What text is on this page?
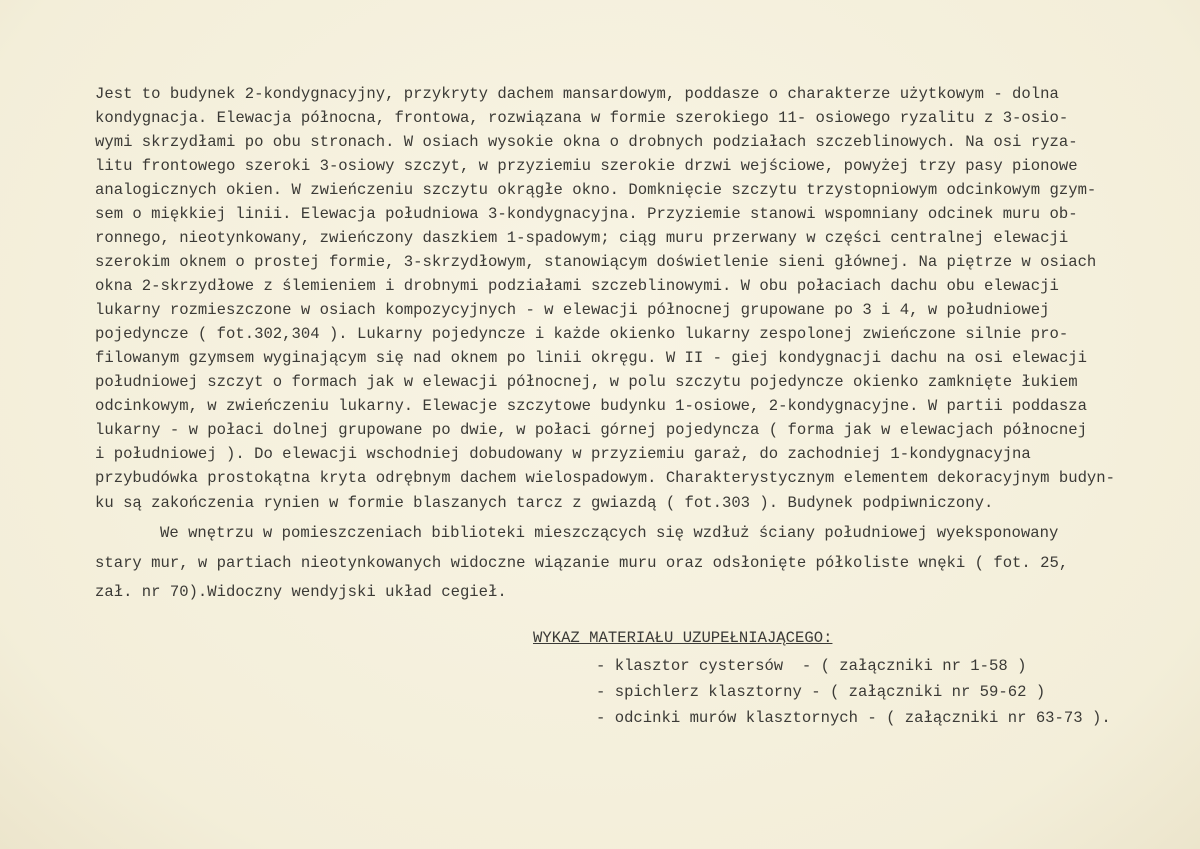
Jest to budynek 2-kondygnacyjny, przykryty dachem mansardowym, poddasze o charakterze użytkowym - dolna
kondygnacja. Elewacja północna, frontowa, rozwiązana w formie szerokiego 11- osiowego ryzalitu z 3-osio-
wymi skrzydłami po obu stronach. W osiach wysokie okna o drobnych podziałach szczeblinowych. Na osi ryza-
litu frontowego szeroki 3-osiowy szczyt, w przyziemiu szerokie drzwi wejściowe, powyżej trzy pasy pionowe
analogicznych okien. W zwieńczeniu szczytu okrągłe okno. Domknięcie szczytu trzystopniowym odcinkowym gzym-
sem o miękkiej linii. Elewacja południowa 3-kondygnacyjna. Przyziemie stanowi wspomniany odcinek muru ob-
ronnego, nieotynkowany, zwieńczony daszkiem 1-spadowym; ciąg muru przerwany w części centralnej elewacji
szerokim oknem o prostej formie, 3-skrzydłowym, stanowiącym doświetlenie sieni głównej. Na piętrze w osiach
okna 2-skrzydłowe z ślemieniem i drobnymi podziałami szczeblinowymi. W obu połaciach dachu obu elewacji
lukarny rozmieszczone w osiach kompozycyjnych - w elewacji północnej grupowane po 3 i 4, w południowej
pojedyncze ( fot.302,304 ). Lukarny pojedyncze i każde okienko lukarny zespolonej zwieńczone silnie pro-
filowanym gzymsem wyginającym się nad oknem po linii okręgu. W II - giej kondygnacji dachu na osi elewacji
południowej szczyt o formach jak w elewacji północnej, w polu szczytu pojedyncze okienko zamknięte łukiem
odcinkowym, w zwieńczeniu lukarny. Elewacje szczytowe budynku 1-osiowe, 2-kondygnacyjne. W partii poddasza
lukarny - w połaci dolnej grupowane po dwie, w połaci górnej pojedyncza ( forma jak w elewacjach północnej
i południowej ). Do elewacji wschodniej dobudowany w przyziemiu garaż, do zachodniej 1-kondygnacyjna
przybudówka prostokątna kryta odrębnym dachem wielospadowym. Charakterystycznym elementem dekoracyjnym budyn-
ku są zakończenia rynien w formie blaszanych tarcz z gwiazdą ( fot.303 ). Budynek podpiwniczony.
We wnętrzu w pomieszczeniach biblioteki mieszczących się wzdłuż ściany południowej wyeksponowany
stary mur, w partiach nieotynkowanych widoczne wiązanie muru oraz odsłonięte półkoliste wnęki ( fot. 25,
zał. nr 70).Widoczny wendyjski układ cegieł.
WYKAZ MATERIAŁU UZUPEŁNIAJĄCEGO:
- klasztor cystersów  - ( załączniki nr 1-58 )
- spichlerz klasztorny - ( załączniki nr 59-62 )
- odcinki murów klasztornych - ( załączniki nr 63-73 ).
